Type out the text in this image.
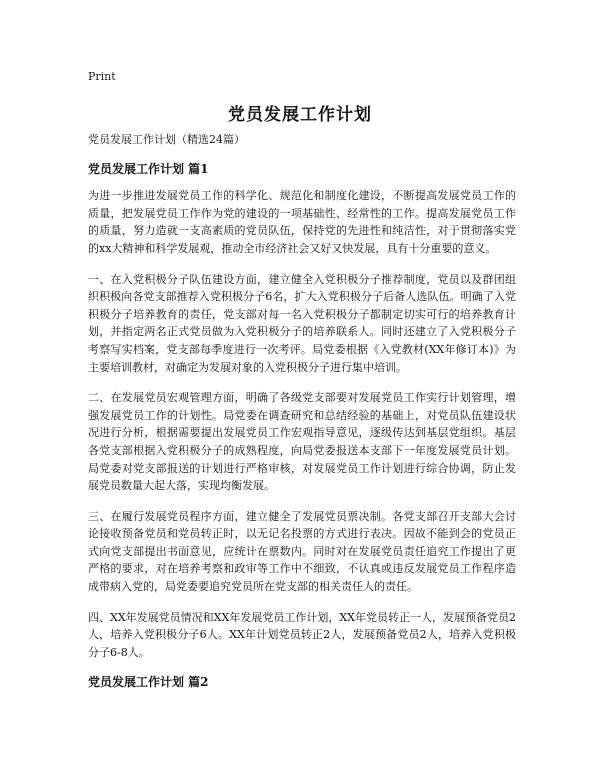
Print
党员发展工作计划

党员发展工作计划（精选24篇）

党员发展工作计划 篇1

为进一步推进发展党员工作的科学化、规范化和制度化建设，不断提高发展党员工作的质量，把发展党员工作作为党的建设的一项基础性、经常性的工作。提高发展党员工作的质量，努力造就一支高素质的党员队伍，保持党的先进性和纯洁性，对于贯彻落实党的xx大精神和科学发展观，推动全市经济社会又好又快发展，具有十分重要的意义。

一、在入党积极分子队伍建设方面，建立健全入党积极分子推荐制度，党员以及群团组织积极向各党支部推荐入党积极分子6名，扩大入党积极分子后备人选队伍。明确了入党积极分子培养教育的责任，党支部对每一名入党积极分子都制定切实可行的培养教育计划，并指定两名正式党员做为入党积极分子的培养联系人。同时还建立了入党积极分子考察写实档案，党支部每季度进行一次考评。局党委根据《入党教材(XX年修订本)》为主要培训教材，对确定为发展对象的入党积极分子进行集中培训。

二、在发展党员宏观管理方面，明确了各级党支部要对发展党员工作实行计划管理，增强发展党员工作的计划性。局党委在调查研究和总结经验的基础上，对党员队伍建设状况进行分析，根据需要提出发展党员工作宏观指导意见，逐级传达到基层党组织。基层各党支部根据入党积极分子的成熟程度，向局党委报送本支部下一年度发展党员计划。局党委对党支部报送的计划进行严格审核，对发展党员工作计划进行综合协调，防止发展党员数量大起大落，实现均衡发展。

三、在履行发展党员程序方面，建立健全了发展党员票决制。各党支部召开支部大会讨论接收预备党员和党员转正时，以无记名投票的方式进行表决。因故不能到会的党员正式向党支部提出书面意见，应统计在票数内。同时对在发展党员责任追究工作提出了更严格的要求，对在培养考察和政审等工作中不细致，不认真或违反发展党员工作程序造成带病入党的，局党委要追究党员所在党支部的相关责任人的责任。

四、XX年发展党员情况和XX年发展党员工作计划，XX年党员转正一人，发展预备党员2人，培养入党积极分子6人。XX年计划党员转正2人，发展预备党员2人，培养入党积极分子6-8人。

党员发展工作计划 篇2
